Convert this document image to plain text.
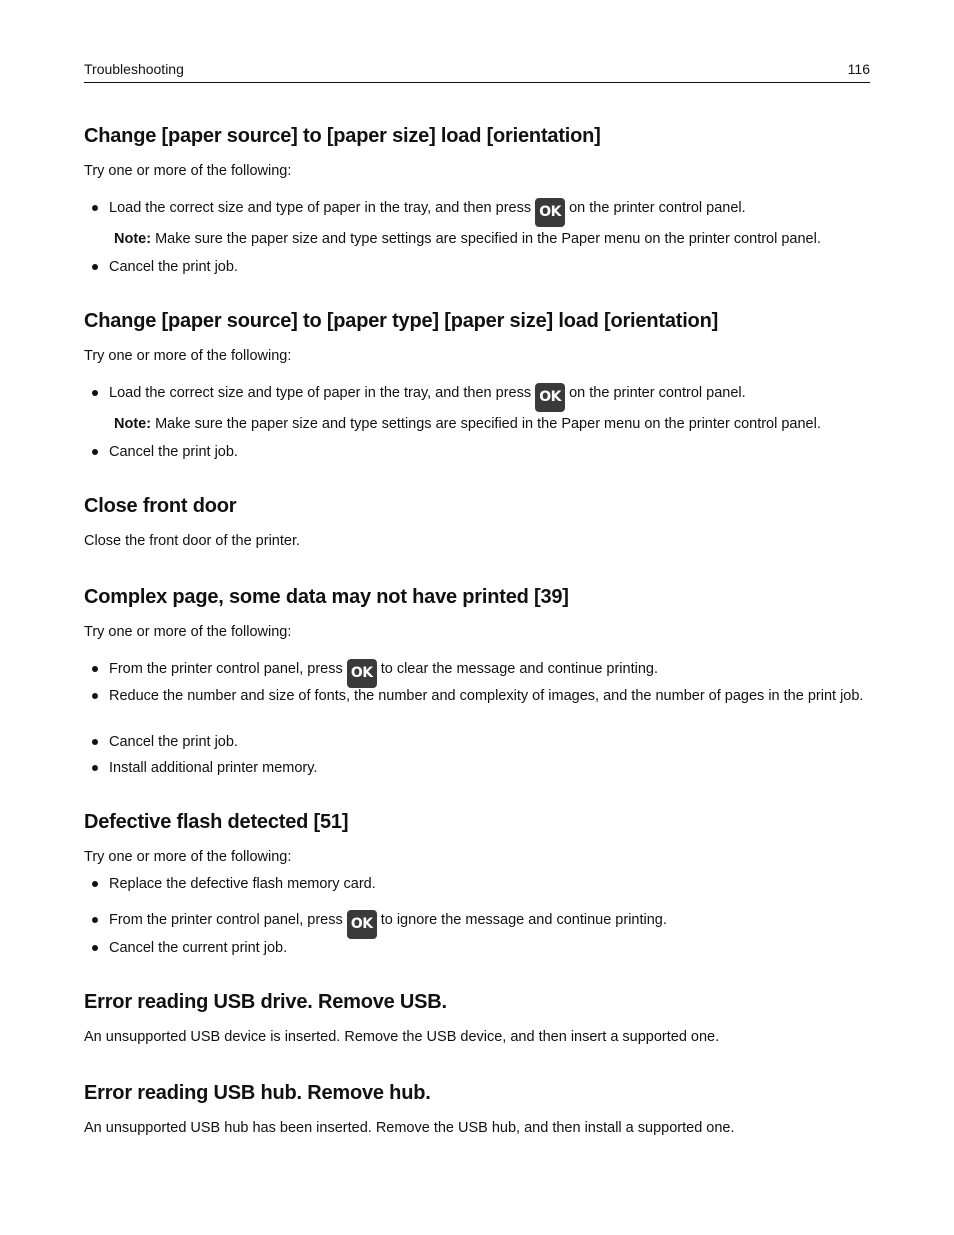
Troubleshooting	116
Change [paper source] to [paper size] load [orientation]

Try one or more of the following:

Load the correct size and type of paper in the tray, and then press OK on the printer control panel.
Note: Make sure the paper size and type settings are specified in the Paper menu on the printer control panel.
Cancel the print job.
Change [paper source] to [paper type] [paper size] load [orientation]

Try one or more of the following:

Load the correct size and type of paper in the tray, and then press OK on the printer control panel.
Note: Make sure the paper size and type settings are specified in the Paper menu on the printer control panel.
Cancel the print job.
Close front door

Close the front door of the printer.

Complex page, some data may not have printed [39]

Try one or more of the following:

From the printer control panel, press OK to clear the message and continue printing.
Reduce the number and size of fonts, the number and complexity of images, and the number of pages in the print job.
Cancel the print job.
Install additional printer memory.
Defective flash detected [51]

Try one or more of the following:

Replace the defective flash memory card.
From the printer control panel, press OK to ignore the message and continue printing.
Cancel the current print job.
Error reading USB drive. Remove USB.

An unsupported USB device is inserted. Remove the USB device, and then insert a supported one.

Error reading USB hub. Remove hub.

An unsupported USB hub has been inserted. Remove the USB hub, and then install a supported one.
